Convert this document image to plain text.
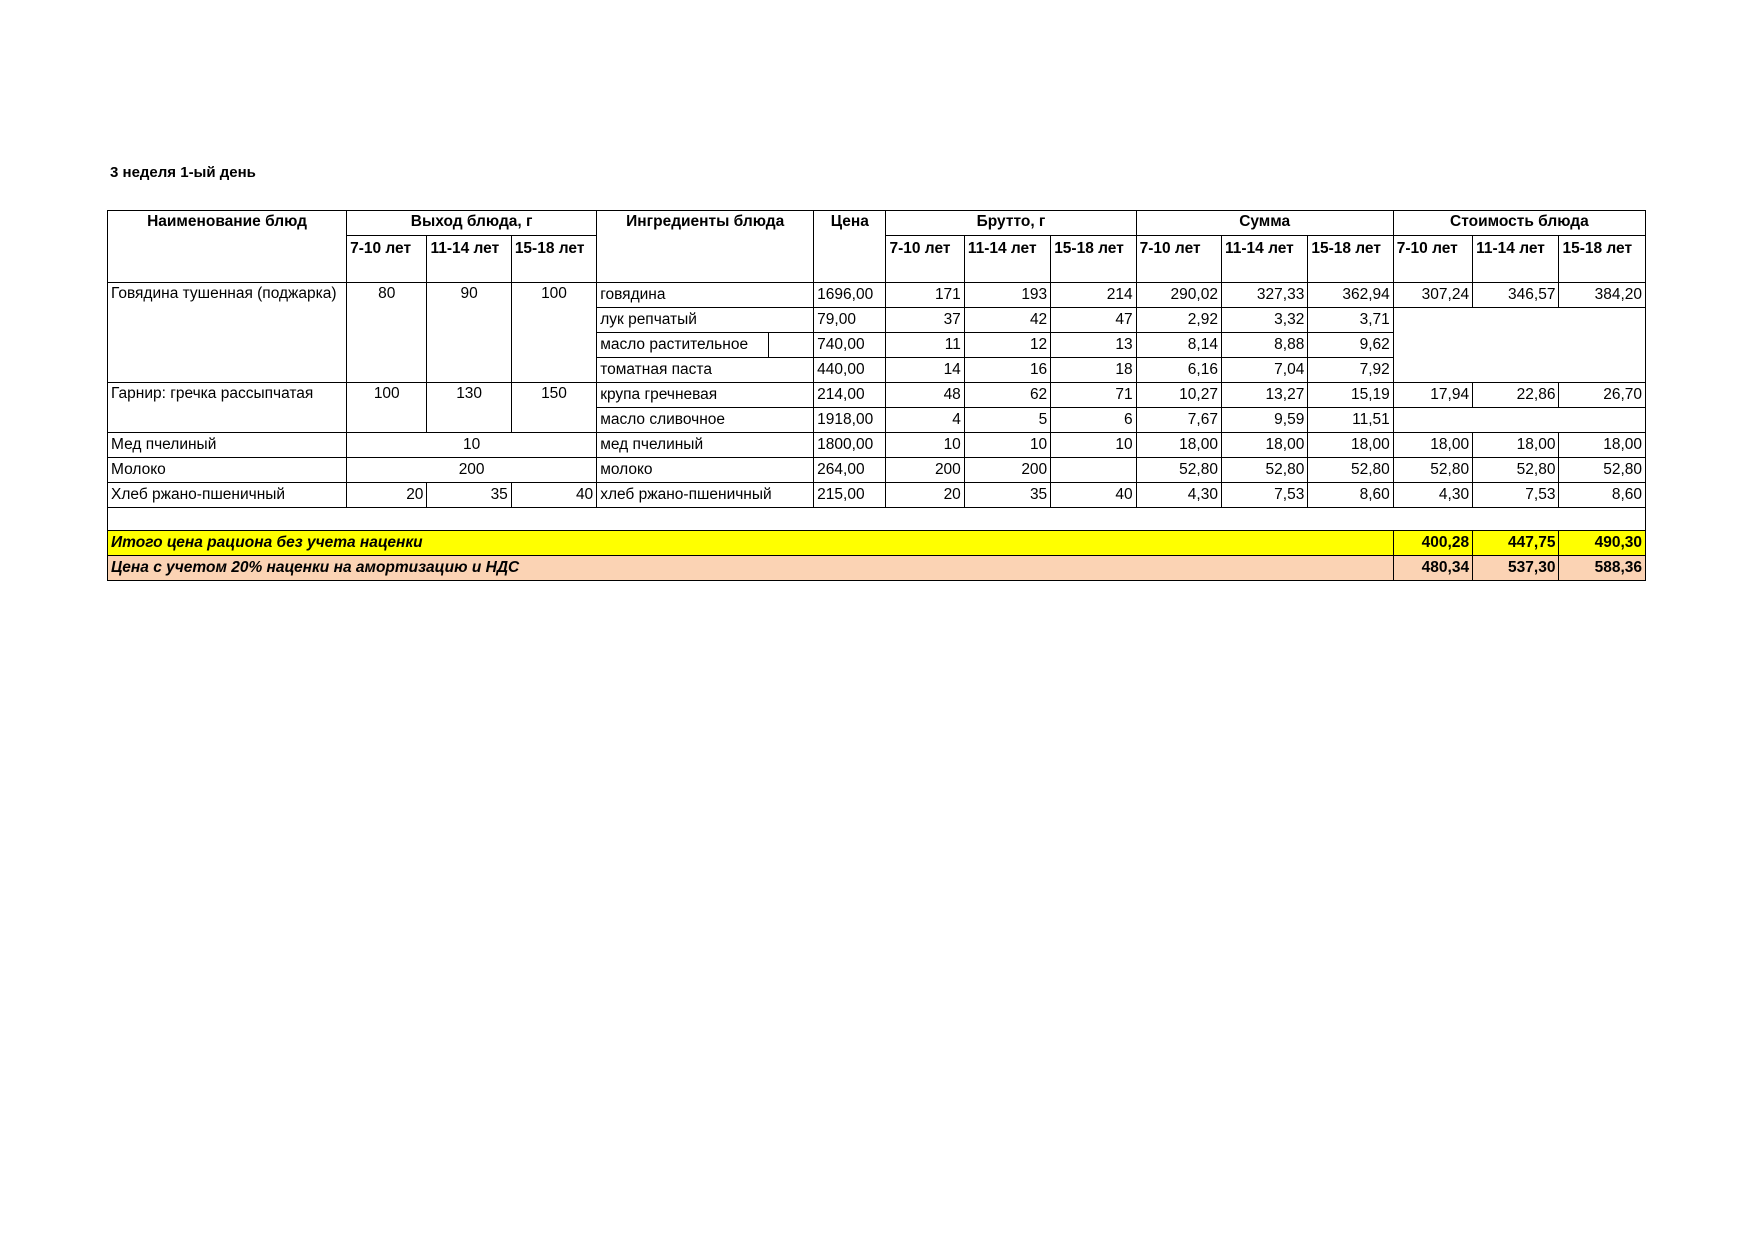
3 неделя 1-ый день
Наименование блюд	Выход блюда, г			Ингредиенты блюда	Цена	Брутто, г			Сумма			Стоимость блюда		
	7-10 лет	11-14 лет	15-18 лет			7-10 лет	11-14 лет	15-18 лет	7-10 лет	11-14 лет	15-18 лет	7-10 лет	11-14 лет	15-18 лет
Говядина тушенная (поджарка)	80	90	100	говядина	1696,00	171	193	214	290,02	327,33	362,94	307,24	346,57	384,20
				лук репчатый	79,00	37	42	47	2,92	3,32	3,71			
				масло растительное	740,00	11	12	13	8,14	8,88	9,62			
				томатная паста	440,00	14	16	18	6,16	7,04	7,92			
Гарнир: гречка рассыпчатая	100	130	150	крупа гречневая	214,00	48	62	71	10,27	13,27	15,19	17,94	22,86	26,70
				масло сливочное	1918,00	4	5	6	7,67	9,59	11,51			
Мед пчелиный	10			мед пчелиный	1800,00	10	10	10	18,00	18,00	18,00	18,00	18,00	18,00
Молоко	200			молоко	264,00	200	200		52,80	52,80	52,80	52,80	52,80	52,80
Хлеб ржано-пшеничный	20	35	40	хлеб ржано-пшеничный	215,00	20	35	40	4,30	7,53	8,60	4,30	7,53	8,60

Итого цена рациона без учета наценки												400,28	447,75	490,30
Цена с учетом 20% наценки на амортизацию и НДС												480,34	537,30	588,36
